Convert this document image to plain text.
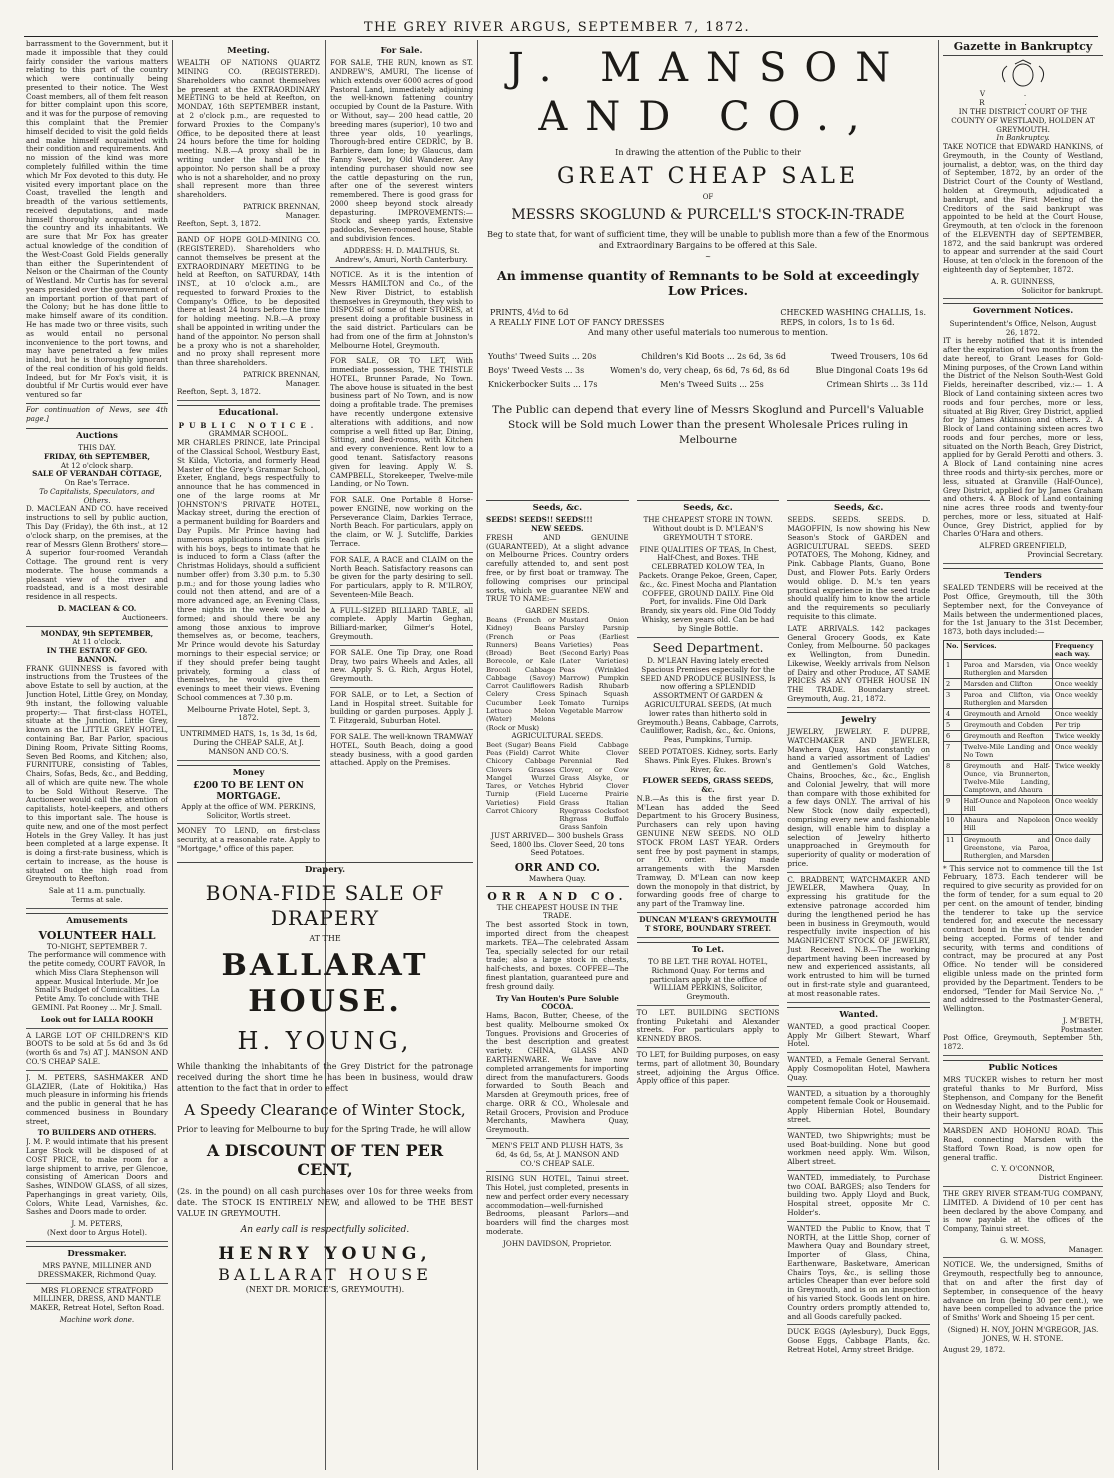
THE GREY RIVER ARGUS, SEPTEMBER 7, 1872.

barrassment to the Government, but it made it impossible that they could fairly consider the various matters relating to this part of the country which were continually being presented to their notice. The West Coast members, all of them felt reason for bitter complaint upon this score, and it was for the purpose of removing this complaint that the Premier himself decided to visit the gold fields and make himself acquainted with their condition and requirements. And no mission of the kind was more completely fulfilled within the time which Mr Fox devoted to this duty. He visited every important place on the Coast, travelled the length and breadth of the various settlements, received deputations, and made himself thoroughly acquainted with the country and its inhabitants. We are sure that Mr Fox has greater actual knowledge of the condition of the West-Coast Gold Fields generally than either the Superintendent of Nelson or the Chairman of the County of Westland. Mr Curtis has for several years presided over the government of an important portion of that part of the Colony; but he has done little to make himself aware of its condition. He has made two or three visits, such as would entail no personal inconvenience to the port towns, and may have penetrated a few miles inland, but he is thoroughly ignorant of the real condition of his gold fields. Indeed, but for Mr Fox's visit, it is doubtful if Mr Curtis would ever have ventured so far

For continuation of News, see 4th page.]

Auctions
THIS DAY.
FRIDAY, 6th SEPTEMBER,
At 12 o'clock sharp.
SALE OF VERANDAH COTTAGE,
On Rae's Terrace.
To Capitalists, Speculators, and Others.

D. MACLEAN AND CO. have received instructions to sell by public auction, This Day (Friday), the 6th inst., at 12 o'clock sharp, on the premises, at the rear of Messrs Glenn Brothers' store— A superior four-roomed Verandah Cottage. The ground rent is very moderate. The house commands a pleasant view of the river and roadstead, and is a most desirable residence in all respects.

D. MACLEAN & CO.
Auctioneers.
MONDAY, 9th SEPTEMBER,
At 11 o'clock.
IN THE ESTATE OF GEO. BANNON.

FRANK GUINNESS is favored with instructions from the Trustees of the above Estate to sell by auction, at the Junction Hotel, Little Grey, on Monday, 9th instant, the following valuable property:— That first-class HOTEL, situate at the Junction, Little Grey, known as the LITTLE GREY HOTEL, containing Bar, Bar Parlor, spacious Dining Room, Private Sitting Rooms, Seven Bed Rooms, and Kitchen; also, FURNITURE, consisting of Tables, Chairs, Sofas, Beds, &c., and Bedding, all of which are quite new. The whole to be Sold Without Reserve. The Auctioneer would call the attention of capitalists, hotel-keepers, and others to this important sale. The house is quite new, and one of the most perfect Hotels in the Grey Valley. It has just been completed at a large expense. It is doing a first-rate business, which is certain to increase, as the house is situated on the high road from Greymouth to Reefton.

Sale at 11 a.m. punctually.
Terms at sale.
Amusements
VOLUNTEER HALL
TO-NIGHT, SEPTEMBER 7.

The performance will commence with the petite comedy, COURT FAVOR, In which Miss Clara Stephenson will appear. Musical Interlude. Mr Joe Small's Budget of Comicalities. La Petite Amy. To conclude with THE GEMINI. Pat Rooney ... Mr J. Small.

Look out for LALLA ROOKH

A LARGE LOT OF CHILDREN'S KID BOOTS to be sold at 5s 6d and 3s 6d (worth 6s and 7s) AT J. MANSON AND CO.'S CHEAP SALE.

J. M. PETERS, SASHMAKER AND GLAZIER, (Late of Hokitika,) Has much pleasure in informing his friends and the public in general that he has commenced business in Boundary street,

TO BUILDERS AND OTHERS.

J. M. P. would intimate that his present Large Stock will be disposed of at COST PRICE, to make room for a large shipment to arrive, per Glencoe, consisting of American Doors and Sashes, WINDOW GLASS, of all sizes, Paperhangings in great variety, Oils, Colors, White Lead, Varnishes, &c. Sashes and Doors made to order.

J. M. PETERS,
(Next door to Argus Hotel).
Dressmaker.

MRS PAYNE, MILLINER AND DRESSMAKER, Richmond Quay.

MRS FLORENCE STRATFORD MILLINER, DRESS, AND MANTLE MAKER, Retreat Hotel, Sefton Road.

Machine work done.
Meeting.

WEALTH OF NATIONS QUARTZ MINING CO. (REGISTERED). Shareholders who cannot themselves be present at the EXTRAORDINARY MEETING to be held at Reefton, on MONDAY, 16th SEPTEMBER instant, at 2 o'clock p.m., are requested to forward Proxies to the Company's Office, to be deposited there at least 24 hours before the time for holding meeting. N.B.—A proxy shall be in writing under the hand of the appointor. No person shall be a proxy who is not a shareholder, and no proxy shall represent more than three shareholders.

PATRICK BRENNAN,
Manager.
Reefton, Sept. 3, 1872.

BAND OF HOPE GOLD-MINING CO. (REGISTERED). Shareholders who cannot themselves be present at the EXTRAORDINARY MEETING to be held at Reefton, on SATURDAY, 14th INST., at 10 o'clock a.m., are requested to forward Proxies to the Company's Office, to be deposited there at least 24 hours before the time for holding meeting. N.B.—A proxy shall be appointed in writing under the hand of the appointor. No person shall be a proxy who is not a shareholder, and no proxy shall represent more than three shareholders.

PATRICK BRENNAN,
Manager.
Reefton, Sept. 3, 1872.
Educational.
PUBLIC NOTICE.
GRAMMAR SCHOOL.

MR CHARLES PRINCE, late Principal of the Classical School, Westbury East, St Kilda, Victoria, and formerly Head Master of the Grey's Grammar School, Exeter, England, begs respectfully to announce that he has commenced in one of the large rooms at Mr JOHNSTON'S PRIVATE HOTEL, Mackay street, during the erection of a permanent building for Boarders and Day Pupils. Mr Prince having had numerous applications to teach girls with his boys, begs to intimate that he is induced to form a Class (after the Christmas Holidays, should a sufficient number offer) from 3.30 p.m. to 5.30 p.m.; and for those young ladies who could not then attend, and are of a more advanced age, an Evening Class, three nights in the week would be formed; and should there be any among those anxious to improve themselves as, or become, teachers, Mr Prince would devote his Saturday mornings to their especial service; or if they should prefer being taught privately, forming a class of themselves, he would give them evenings to meet their views. Evening School commences at 7.30 p.m.

Melbourne Private Hotel, Sept. 3, 1872.

UNTRIMMED HATS, 1s, 1s 3d, 1s 6d, During the CHEAP SALE, At J. MANSON AND CO.'S.

Money
£200 TO BE LENT ON MORTGAGE.

Apply at the office of WM. PERKINS, Solicitor, Wortls street.

MONEY TO LEND, on first-class security, at a reasonable rate. Apply to "Mortgage," office of this paper.

For Sale.

FOR SALE, THE RUN, known as ST. ANDREW'S, AMURI, The license of which extends over 6000 acres of good Pastoral Land, immediately adjoining the well-known fattening country occupied by Count de la Pasture. With or Without, say— 200 head cattle, 20 breeding mares (superior), 10 two and three year olds, 10 yearlings, Thorough-bred entire CEDRIC, by B. Barbiere, dam Ione; by Glaucus, dam Fanny Sweet, by Old Wanderer. Any intending purchaser should now see the cattle depasturing on the run, after one of the severest winters remembered. There is good grass for 2000 sheep beyond stock already depasturing. IMPROVEMENTS:— Stock and sheep yards, Extensive paddocks, Seven-roomed house, Stable and subdivision fences.

ADDRESS: H. D. MALTHUS, St. Andrew's, Amuri, North Canterbury.

NOTICE. As it is the intention of Messrs HAMILTON and Co., of the New River District, to establish themselves in Greymouth, they wish to DISPOSE of some of their STORES, at present doing a profitable business in the said district. Particulars can be had from one of the firm at Johnston's Melbourne Hotel, Greymouth.

FOR SALE, OR TO LET, With immediate possession, THE THISTLE HOTEL, Brunner Parade, No Town. The above house is situated in the best business part of No Town, and is now doing a profitable trade. The premises have recently undergone extensive alterations with additions, and now comprise a well fitted up Bar, Dining, Sitting, and Bed-rooms, with Kitchen and every convenience. Rent low to a good tenant. Satisfactory reasons given for leaving. Apply W. S. CAMPBELL, Storekeeper, Twelve-mile Landing, or No Town.

FOR SALE. One Portable 8 Horse-power ENGINE, now working on the Perseverance Claim, Darkies Terrace, North Beach. For particulars, apply on the claim, or W. J. Sutcliffe, Darkies Terrace.

FOR SALE, A RACE and CLAIM on the North Beach. Satisfactory reasons can be given for the party desiring to sell. For particulars, apply to R. M'ILROY, Seventeen-Mile Beach.

A FULL-SIZED BILLIARD TABLE, all complete. Apply Martin Geghan, Billiard-marker, Gilmer's Hotel, Greymouth.

FOR SALE. One Tip Dray, one Road Dray, two pairs Wheels and Axles, all new. Apply S. G. Rich, Argus Hotel, Greymouth.

FOR SALE, or to Let, a Section of Land in Hospital street. Suitable for building or garden purposes. Apply J. T. Fitzgerald, Suburban Hotel.

FOR SALE. The well-known TRAMWAY HOTEL, South Beach, doing a good steady business, with a good garden attached. Apply on the Premises.

Drapery.
BONA-FIDE SALE OF DRAPERY
AT THE
BALLARAT HOUSE.
H. YOUNG,

While thanking the inhabitants of the Grey District for the patronage received during the short time he has been in business, would draw attention to the fact that in order to effect

A Speedy Clearance of Winter Stock,

Prior to leaving for Melbourne to buy for the Spring Trade, he will allow

A DISCOUNT OF TEN PER CENT,

(2s. in the pound) on all cash purchases over 10s for three weeks from date. The STOCK IS ENTIRELY NEW, and allowed to be THE BEST VALUE IN GREYMOUTH.

An early call is respectfully solicited.
HENRY YOUNG,
BALLARAT HOUSE
(NEXT DR. MORICE'S, GREYMOUTH).
J. MANSON AND CO.,
In drawing the attention of the Public to their
GREAT CHEAP SALE
OF
MESSRS SKOGLUND & PURCELL'S STOCK-IN-TRADE
Beg to state that, for want of sufficient time, they will be unable to publish more than a few of the Enormous and Extraordinary Bargains to be offered at this Sale.
~
An immense quantity of Remnants to be Sold at exceedingly Low Prices.
PRINTS, 4½d to 6d
A REALLY FINE LOT OF FANCY DRESSES
CHECKED WASHING CHALLIS, 1s.
REPS, in colors, 1s to 1s 6d.
And many other useful materials too numerous to mention.
Youths' Tweed Suits ... 20s	Children's Kid Boots ... 2s 6d, 3s 6d	Tweed Trousers, 10s 6d
Boys' Tweed Vests ... 3s	Women's do, very cheap, 6s 6d, 7s 6d, 8s 6d	Blue Dingonal Coats 19s 6d
Knickerbocker Suits ... 17s	Men's Tweed Suits ... 25s	Crimean Shirts ... 3s 11d
The Public can depend that every line of Messrs Skoglund and Purcell's Valuable Stock will be Sold much Lower than the present Wholesale Prices ruling in Melbourne
Seeds, &c.
SEEDS! SEEDS!! SEEDS!!!
NEW SEEDS.

FRESH AND GENUINE (GUARANTEED), At a slight advance on Melbourne Prices. Country orders carefully attended to, and sent post free, or by first boat or tramway. The following comprises our principal sorts, which we guarantee NEW and TRUE TO NAME:—

GARDEN SEEDS.
Beans (French or Kidney) Beans (French or Runners) Beans (Broad) Beet Borecole, or Kale Brocoli Cabbage Cabbage (Savoy) Carrot Cauliflowers Celery Cress Cucumber Leek Lettuce Melon (Water) Melons (Rock or Musk)
Mustard Onion Parsley Parsnip Peas (Earliest Varieties) Peas (Second Early) Peas (Later Varieties) Peas (Wrinkled Marrow) Pumpkin Radish Rhubarb Spinach Squash Tomato Turnips Vegetable Marrow
AGRICULTURAL SEEDS.
Beet (Sugar) Beans Peas (Field) Carrot Chicory Cabbage Clovers Grasses Mangel Wurzel Tares, or Vetches Turnip (Field Varieties) Field Carrot Chicory
Field Cabbage White Clover Perennial Red Clover, or Cow Grass Alsyke, or Hybrid Clover Lucerne Prairie Grass Italian Ryegrass Cocksfoot Rhgrass Buffalo Grass Sanfoin

JUST ARRIVED— 300 bushels Grass Seed, 1800 lbs. Clover Seed, 20 tons Seed Potatoes.

ORR AND CO.
Mawhera Quay.
ORR AND CO.
THE CHEAPEST HOUSE IN THE TRADE.

The best assorted Stock in town, imported direct from the cheapest markets. TEA—The celebrated Assam Tea, specially selected for our retail trade; also a large stock in chests, half-chests, and boxes. COFFEE—The finest plantation, guaranteed pure and fresh ground daily.

Try Van Houten's Pure Soluble COCOA.

Hams, Bacon, Butter, Cheese, of the best quality. Melbourne smoked Ox Tongues. Provisions and Groceries of the best description and greatest variety. CHINA, GLASS AND EARTHENWARE. We have now completed arrangements for importing direct from the manufacturers. Goods forwarded to South Beach and Marsden at Greymouth prices, free of charge. ORR & CO., Wholesale and Retail Grocers, Provision and Produce Merchants, Mawhera Quay, Greymouth.

MEN'S FELT AND PLUSH HATS, 3s 6d, 4s 6d, 5s, At J. MANSON AND CO.'S CHEAP SALE.

RISING SUN HOTEL, Tainui street. This Hotel, just completed, presents in new and perfect order every necessary accommodation—well-furnished Bedrooms, pleasant Parlors—and boarders will find the charges most moderate.

JOHN DAVIDSON, Proprietor.
Seeds, &c.

THE CHEAPEST STORE IN TOWN. Without doubt is D. M'LEAN'S GREYMOUTH T STORE.

FINE QUALITIES OF TEAS, In Chest, Half-Chest, and Boxes. THE CELEBRATED KOLOW TEA, In Packets. Orange Pekoe, Green, Caper, &c., &c. Finest Mocha and Plantation COFFEE, GROUND DAILY. Fine Old Port, for invalids. Fine Old Dark Brandy, six years old. Fine Old Toddy Whisky, seven years old. Can be had by Single Bottle.

Seed Department.

D. M'LEAN Having lately erected Spacious Premises especially for the SEED AND PRODUCE BUSINESS, Is now offering a SPLENDID ASSORTMENT Of GARDEN & AGRICULTURAL SEEDS, (At much lower rates than hitherto sold in Greymouth.) Beans, Cabbage, Carrots, Cauliflower, Radish, &c., &c. Onions, Peas, Pumpkins, Turnip.

SEED POTATOES. Kidney, sorts. Early Shaws. Pink Eyes. Flukes. Brown's River, &c.

FLOWER SEEDS, GRASS SEEDS, &c.

N.B.—As this is the first year D. M'Lean has added the Seed Department to his Grocery Business, Purchasers can rely upon having GENUINE NEW SEEDS. NO OLD STOCK FROM LAST YEAR. Orders sent free by post payment in stamps, or P.O. order. Having made arrangements with the Marsden Tramway, D. M'Lean can now keep down the monopoly in that district, by forwarding goods free of charge to any part of the Tramway line.

DUNCAN M'LEAN'S GREYMOUTH T STORE, BOUNDARY STREET.

To Let.

TO BE LET. THE ROYAL HOTEL, Richmond Quay. For terms and particulars apply at the office of WILLIAM PERKINS, Solicitor, Greymouth.

TO LET. BUILDING SECTIONS fronting Puketahi and Alexander streets. For particulars apply to KENNEDY BROS.

TO LET, for Building purposes, on easy terms, part of allotment 30, Boundary street, adjoining the Argus Office. Apply office of this paper.

Seeds, &c.

SEEDS. SEEDS. SEEDS. D. MAGOFFIN, Is now showing his New Season's Stock of GARDEN and AGRICULTURAL SEEDS. SEED POTATOES, The Mohong, Kidney, and Pink. Cabbage Plants, Guano, Bone Dust, and Flower Pots. Early Orders would oblige. D. M.'s ten years practical experience in the seed trade should qualify him to know the article and the requirements so peculiarly requisite to this climate.

LATE ARRIVALS. 142 packages General Grocery Goods, ex Kate Conley, from Melbourne. 50 packages ex Wellington, from Dunedin. Likewise, Weekly arrivals from Nelson of Dairy and other Produce, AT SAME PRICES AS ANY OTHER HOUSE IN THE TRADE. Boundary street. Greymouth, Aug. 21, 1872.

Jewelry

JEWELRY, JEWELRY. F. DUPRE, WATCHMAKER AND JEWELER, Mawhera Quay, Has constantly on hand a varied assortment of Ladies' and Gentlemen's Gold Watches, Chains, Brooches, &c., &c., English and Colonial Jewelry, that will more than compare with those exhibited for a few days ONLY. The arrival of his New Stock (now daily expected), comprising every new and fashionable design, will enable him to display a selection of Jewelry hitherto unapproached in Greymouth for superiority of quality or moderation of price.

C. BRADBENT, WATCHMAKER AND JEWELER, Mawhera Quay, In expressing his gratitude for the extensive patronage accorded him during the lengthened period he has been in business in Greymouth, would respectfully invite inspection of his MAGNIFICENT STOCK OF JEWELRY, Just Received. N.B.—The working department having been increased by new and experienced assistants, all work entrusted to him will be turned out in first-rate style and guaranteed, at most reasonable rates.

Wanted.

WANTED, a good practical Cooper. Apply Mr Gilbert Stewart, Wharf Hotel.

WANTED, a Female General Servant. Apply Cosmopolitan Hotel, Mawhera Quay.

WANTED, a situation by a thoroughly competent female Cook or Housemaid. Apply Hibernian Hotel, Boundary street.

WANTED, two Shipwrights; must be used Boat-building. None but good workmen need apply. Wm. Wilson, Albert street.

WANTED, immediately, to Purchase two COAL BARGES; also Tenders for building two. Apply Lloyd and Buck, Hospital street, opposite Mr C. Holder's.

WANTED the Public to Know, that T NORTH, at the Little Shop, corner of Mawhera Quay and Boundary street, Importer of Glass, China, Earthenware, Basketware, American Chairs Toys, &c., is selling those articles Cheaper than ever before sold in Greymouth, and is on an inspection of his varied Stock. Goods lent on hire. Country orders promptly attended to, and all Goods carefully packed.

DUCK EGGS (Aylesbury), Duck Eggs, Goose Eggs, Cabbage Plants, &c. Retreat Hotel, Army street Bridge.

Gazette in Bankruptcy
V. R.
IN THE DISTRICT COURT OF THE COUNTY OF WESTLAND, HOLDEN AT GREYMOUTH.
In Bankruptcy.

TAKE NOTICE that EDWARD HANKINS, of Greymouth, in the County of Westland, journalist, a debtor, was, on the third day of September, 1872, by an order of the District Court of the County of Westland, holden at Greymouth, adjudicated a bankrupt, and the First Meeting of the Creditors of the said bankrupt was appointed to be held at the Court House, Greymouth, at ten o'clock in the forenoon of the ELEVENTH day of SEPTEMBER, 1872, and the said bankrupt was ordered to appear and surrender at the said Court House, at ten o'clock in the forenoon of the eighteenth day of September, 1872.

A. R. GUINNESS,
Solicitor for bankrupt.
Government Notices.
Superintendent's Office, Nelson, August 26, 1872.

IT is hereby notified that it is intended after the expiration of two months from the date hereof, to Grant Leases for Gold-Mining purposes, of the Crown Land within the District of the Nelson South-West Gold Fields, hereinafter described, viz.:— 1. A Block of Land containing sixteen acres two roods and four perches, more or less, situated at Big River, Grey District, applied for by James Atkinson and others. 2. A Block of Land containing sixteen acres two roods and four perches, more or less, situated on the North Beach, Grey District, applied for by Gerald Perotti and others. 3. A Block of Land containing nine acres three roods and thirty-six perches, more or less, situated at Granville (Half-Ounce), Grey District, applied for by James Graham and others. 4. A Block of Land containing nine acres three roods and twenty-four perches, more or less, situated at Half-Ounce, Grey District, applied for by Charles O'Hara and others.

ALFRED GREENFIELD,
Provincial Secretary.
Tenders

SEALED TENDERS will be received at the Post Office, Greymouth, till the 30th September next, for the Conveyance of Mails between the undermentioned places, for the 1st January to the 31st December, 1873, both days included:—

No.	Services.	Frequency each way.
1	Paroa and Marsden, via Rutherglen and Marsden	Once weekly
2	Marsden and Clifton	Once weekly
3	Paroa and Clifton, via Rutherglen and Marsden	Once weekly
4	Greymouth and Arnold	Once weekly
5	Greymouth and Cobden	Per trip
6	Greymouth and Reefton	Twice weekly
7	Twelve-Mile Landing and No Town	Once weekly
8	Greymouth and Half-Ounce, via Brunnerton, Twelve-Mile Landing, Camptown, and Ahaura	Twice weekly
9	Half-Ounce and Napoleon Hill	Once weekly
10	Ahaura and Napoleon Hill	Once weekly
11	Greymouth and Greenstone, via Paroa, Rutherglen, and Marsden	Once daily

* This service not to commence till the 1st February, 1873. Each tenderer will be required to give security as provided for on the form of tender, for a sum equal to 20 per cent. on the amount of tender, binding the tenderer to take up the service tendered for, and execute the necessary contract bond in the event of his tender being accepted. Forms of tender and security, with terms and conditions of contract, may be procured at any Post Office. No tender will be considered eligible unless made on the printed form provided by the Department. Tenders to be endorsed, "Tender for Mail Service No. ," and addressed to the Postmaster-General, Wellington.

J. M'BETH,
Postmaster.
Post Office, Greymouth, September 5th, 1872.
Public Notices

MRS TUCKER wishes to return her most grateful thanks to Mr Burford, Miss Stephenson, and Company for the Benefit on Wednesday Night, and to the Public for their hearty support.

MARSDEN AND HOHONU ROAD. This Road, connecting Marsden with the Stafford Town Road, is now open for general traffic.

C. Y. O'CONNOR,
District Engineer.

THE GREY RIVER STEAM-TUG COMPANY, LIMITED. A Dividend of 10 per cent has been declared by the above Company, and is now payable at the offices of the Company, Tainui street.

G. W. MOSS,
Manager.

NOTICE. We, the undersigned, Smiths of Greymouth, respectfully beg to announce, that on and after the first day of September, in consequence of the heavy advance on Iron (being 30 per cent.), we have been compelled to advance the price of Smiths' Work and Shoeing 15 per cent.

(Signed) H. NOY, JOHN M'GREGOR, JAS. JONES, W. H. STONE.

August 29, 1872.
